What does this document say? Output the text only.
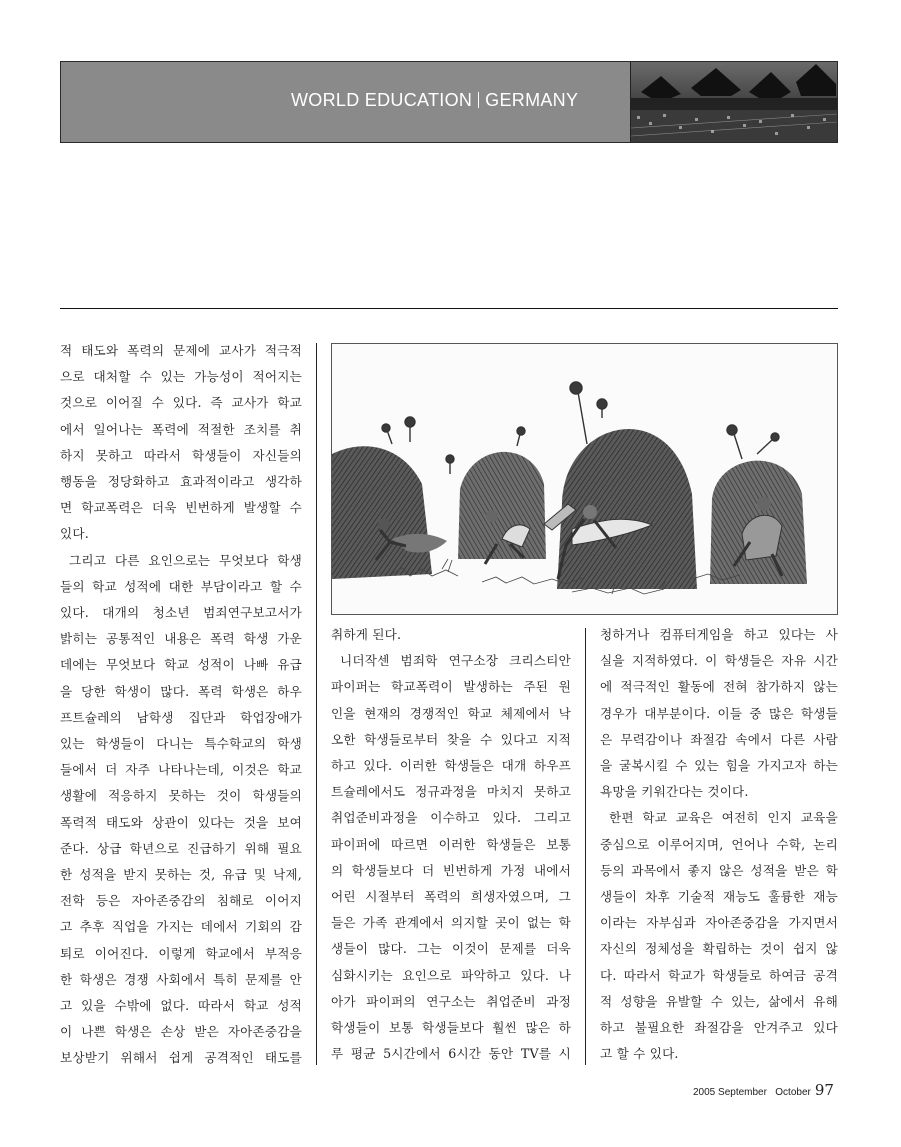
WORLD EDUCATION GERMANY

적 태도와 폭력의 문제에 교사가 적극적

으로 대처할 수 있는 가능성이 적어지는

것으로 이어질 수 있다. 즉 교사가 학교

에서 일어나는 폭력에 적절한 조치를 취

하지 못하고 따라서 학생들이 자신들의

행동을 정당화하고 효과적이라고 생각하

면 학교폭력은 더욱 빈번하게 발생할 수

있다.

그리고 다른 요인으로는 무엇보다 학생

들의 학교 성적에 대한 부담이라고 할 수

있다. 대개의 청소년 범죄연구보고서가

밝히는 공통적인 내용은 폭력 학생 가운

데에는 무엇보다 학교 성적이 나빠 유급

을 당한 학생이 많다. 폭력 학생은 하우

프트슐레의 남학생 집단과 학업장애가

있는 학생들이 다니는 특수학교의 학생

들에서 더 자주 나타나는데, 이것은 학교

생활에 적응하지 못하는 것이 학생들의

폭력적 태도와 상관이 있다는 것을 보여

준다. 상급 학년으로 진급하기 위해 필요

한 성적을 받지 못하는 것, 유급 및 낙제,

전학 등은 자아존중감의 침해로 이어지

고 추후 직업을 가지는 데에서 기회의 감

퇴로 이어진다. 이렇게 학교에서 부적응

한 학생은 경쟁 사회에서 특히 문제를 안

고 있을 수밖에 없다. 따라서 학교 성적

이 나쁜 학생은 손상 받은 자아존중감을

보상받기 위해서 쉽게 공격적인 태도를

취하게 된다.

니더작센 범죄학 연구소장 크리스티안

파이퍼는 학교폭력이 발생하는 주된 원

인을 현재의 경쟁적인 학교 체제에서 낙

오한 학생들로부터 찾을 수 있다고 지적

하고 있다. 이러한 학생들은 대개 하우프

트슐레에서도 정규과정을 마치지 못하고

취업준비과정을 이수하고 있다. 그리고

파이퍼에 따르면 이러한 학생들은 보통

의 학생들보다 더 빈번하게 가정 내에서

어린 시절부터 폭력의 희생자였으며, 그

들은 가족 관계에서 의지할 곳이 없는 학

생들이 많다. 그는 이것이 문제를 더욱

심화시키는 요인으로 파악하고 있다. 나

아가 파이퍼의 연구소는 취업준비 과정

학생들이 보통 학생들보다 훨씬 많은 하

루 평균 5시간에서 6시간 동안 TV를 시

청하거나 컴퓨터게임을 하고 있다는 사

실을 지적하였다. 이 학생들은 자유 시간

에 적극적인 활동에 전혀 참가하지 않는

경우가 대부분이다. 이들 중 많은 학생들

은 무력감이나 좌절감 속에서 다른 사람

을 굴복시킬 수 있는 힘을 가지고자 하는

욕망을 키워간다는 것이다.

한편 학교 교육은 여전히 인지 교육을

중심으로 이루어지며, 언어나 수학, 논리

등의 과목에서 좋지 않은 성적을 받은 학

생들이 차후 기술적 재능도 훌륭한 재능

이라는 자부심과 자아존중감을 가지면서

자신의 정체성을 확립하는 것이 쉽지 않

다. 따라서 학교가 학생들로 하여금 공격

적 성향을 유발할 수 있는, 삶에서 유해

하고 불필요한 좌절감을 안겨주고 있다

고 할 수 있다.

2005 September   October 97
